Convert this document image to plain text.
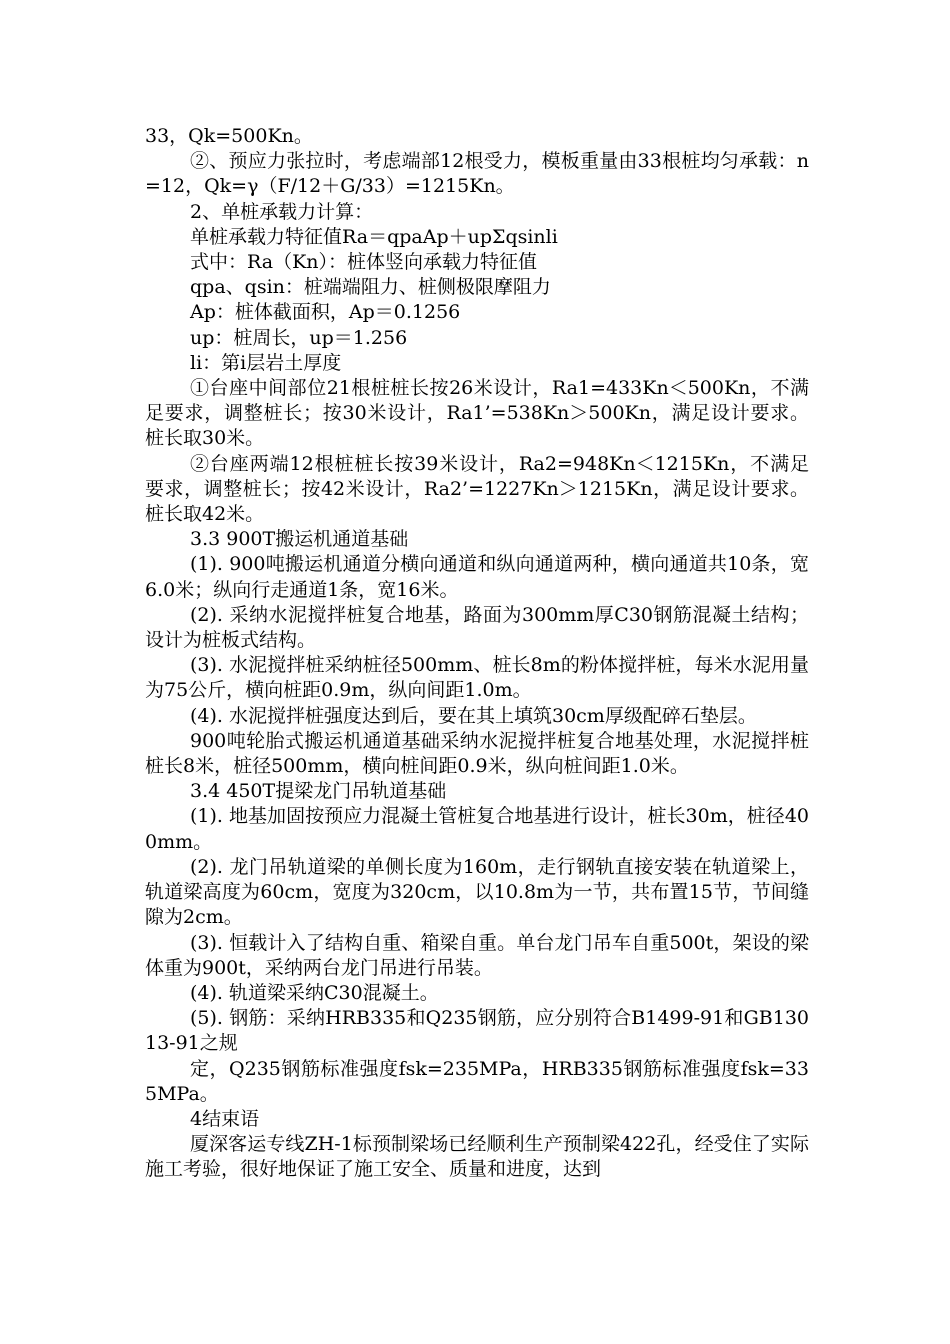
33，Qk=500Kn。

②、预应力张拉时，考虑端部12根受力，模板重量由33根桩均匀承载：n=12，Qk=γ（F/12＋G/33）=1215Kn。

2、单桩承载力计算：

单桩承载力特征值Ra＝qpaAp＋upΣqsinli

式中：Ra（Kn）：桩体竖向承载力特征值

qpa、qsin：桩端端阻力、桩侧极限摩阻力

Ap：桩体截面积，Ap＝0.1256

up：桩周长，up＝1.256

li：第i层岩土厚度

①台座中间部位21根桩桩长按26米设计，Ra1=433Kn＜500Kn，不满足要求，调整桩长；按30米设计，Ra1’=538Kn＞500Kn，满足设计要求。桩长取30米。

②台座两端12根桩桩长按39米设计，Ra2=948Kn＜1215Kn，不满足要求，调整桩长；按42米设计，Ra2’=1227Kn＞1215Kn，满足设计要求。桩长取42米。

3.3 900T搬运机通道基础

(1). 900吨搬运机通道分横向通道和纵向通道两种，横向通道共10条，宽6.0米；纵向行走通道1条，宽16米。

(2). 采纳水泥搅拌桩复合地基，路面为300mm厚C30钢筋混凝土结构；设计为桩板式结构。

(3). 水泥搅拌桩采纳桩径500mm、桩长8m的粉体搅拌桩，每米水泥用量为75公斤，横向桩距0.9m，纵向间距1.0m。

(4). 水泥搅拌桩强度达到后，要在其上填筑30cm厚级配碎石垫层。

900吨轮胎式搬运机通道基础采纳水泥搅拌桩复合地基处理，水泥搅拌桩桩长8米，桩径500mm，横向桩间距0.9米，纵向桩间距1.0米。

3.4 450T提梁龙门吊轨道基础

(1). 地基加固按预应力混凝土管桩复合地基进行设计，桩长30m，桩径400mm。

(2). 龙门吊轨道梁的单侧长度为160m，走行钢轨直接安装在轨道梁上，轨道梁高度为60cm，宽度为320cm，以10.8m为一节，共布置15节，节间缝隙为2cm。

(3). 恒载计入了结构自重、箱梁自重。单台龙门吊车自重500t，架设的梁体重为900t，采纳两台龙门吊进行吊装。

(4). 轨道梁采纳C30混凝土。

(5). 钢筋：采纳HRB335和Q235钢筋，应分别符合B1499-91和GB13013-91之规

定，Q235钢筋标准强度fsk=235MPa，HRB335钢筋标准强度fsk=335MPa。

4结束语

厦深客运专线ZH-1标预制梁场已经顺利生产预制梁422孔，经受住了实际施工考验，很好地保证了施工安全、质量和进度，达到
